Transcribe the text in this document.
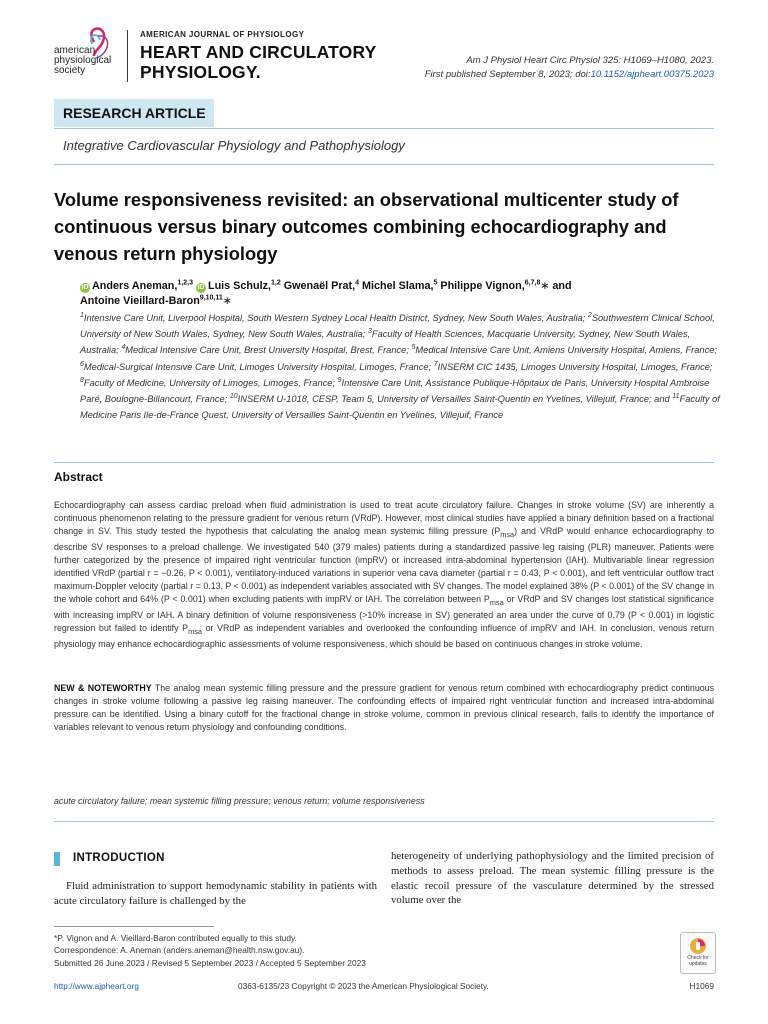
american
physiological
society
AMERICAN JOURNAL OF PHYSIOLOGY
HEART AND CIRCULATORY
PHYSIOLOGY.
Am J Physiol Heart Circ Physiol 325: H1069–H1080, 2023.
First published September 8, 2023; doi:10.1152/ajpheart.00375.2023
RESEARCH ARTICLE
Integrative Cardiovascular Physiology and Pathophysiology
Volume responsiveness revisited: an observational multicenter study of continuous versus binary outcomes combining echocardiography and venous return physiology
iD Anders Aneman,$^{1,2,3}$ iD Luis Schulz,$^{1,2}$ Gwenaël Prat,$^4$ Michel Slama,$^5$ Philippe Vignon,$^{6,7,8}$∗ and
Antoine Vieillard-Baron$^{9,10,11}$∗
$^1$Intensive Care Unit, Liverpool Hospital, South Western Sydney Local Health District, Sydney, New South Wales, Australia; $^2$Southwestern Clinical School, University of New South Wales, Sydney, New South Wales, Australia; $^3$Faculty of Health Sciences, Macquarie University, Sydney, New South Wales, Australia; $^4$Medical Intensive Care Unit, Brest University Hospital, Brest, France; $^5$Medical Intensive Care Unit, Amiens University Hospital, Amiens, France; $^6$Medical-Surgical Intensive Care Unit, Limoges University Hospital, Limoges, France; $^7$INSERM CIC 1435, Limoges University Hospital, Limoges, France; $^8$Faculty of Medicine, University of Limoges, Limoges, France; $^9$Intensive Care Unit, Assistance Publique-Hôpitaux de Paris, University Hospital Ambroise Paré, Boulogne-Billancourt, France; $^{10}$INSERM U-1018, CESP, Team 5, University of Versailles Saint-Quentin en Yvelines, Villejuif, France; and $^{11}$Faculty of Medicine Paris Ile-de-France Quest, University of Versailles Saint-Quentin en Yvelines, Villejuif, France
Abstract
Echocardiography can assess cardiac preload when fluid administration is used to treat acute circulatory failure. Changes in stroke volume (SV) are inherently a continuous phenomenon relating to the pressure gradient for venous return (VRdP). However, most clinical studies have applied a binary definition based on a fractional change in SV. This study tested the hypothesis that calculating the analog mean systemic filling pressure $(P_{msa})$ and VRdP would enhance echocardiography to describe SV responses to a preload challenge. We investigated 540 (379 males) patients during a standardized passive leg raising (PLR) maneuver. Patients were further categorized by the presence of impaired right ventricular function (impRV) or increased intra-abdominal hypertension (IAH). Multivariable linear regression identified VRdP (partial r = −0.26, P < 0.001), ventilatory-induced variations in superior vena cava diameter (partial r = 0.43, P < 0.001), and left ventricular outflow tract maximum-Doppler velocity (partial r = 0.13, P < 0.001) as independent variables associated with SV changes. The model explained 38% (P < 0.001) of the SV change in the whole cohort and 64% (P < 0.001) when excluding patients with impRV or IAH. The correlation between $P_{msa}$ or VRdP and SV changes lost statistical significance with increasing impRV or IAH. A binary definition of volume responsiveness (>10% increase in SV) generated an area under the curve of 0.79 (P < 0.001) in logistic regression but failed to identify $P_{msa}$ or VRdP as independent variables and overlooked the confounding influence of impRV and IAH. In conclusion, venous return physiology may enhance echocardiographic assessments of volume responsiveness, which should be based on continuous changes in stroke volume.
NEW & NOTEWORTHY The analog mean systemic filling pressure and the pressure gradient for venous return combined with echocardiography predict continuous changes in stroke volume following a passive leg raising maneuver. The confounding effects of impaired right ventricular function and increased intra-abdominal pressure can be identified. Using a binary cutoff for the fractional change in stroke volume, common in previous clinical research, fails to identify the importance of variables relevant to venous return physiology and confounding conditions.
acute circulatory failure; mean systemic filling pressure; venous return; volume responsiveness
INTRODUCTION
Fluid administration to support hemodynamic stability in patients with acute circulatory failure is challenged by the
heterogeneity of underlying pathophysiology and the limited precision of methods to assess preload. The mean systemic filling pressure is the elastic recoil pressure of the vasculature determined by the stressed volume over the
*P. Vignon and A. Vieillard-Baron contributed equally to this study.
Correspondence: A. Aneman (anders.aneman@health.nsw.gov.au).
Submitted 26 June 2023 / Revised 5 September 2023 / Accepted 5 September 2023	Check for
updates
http://www.ajpheart.org	0363-6135/23 Copyright © 2023 the American Physiological Society.	H1069
